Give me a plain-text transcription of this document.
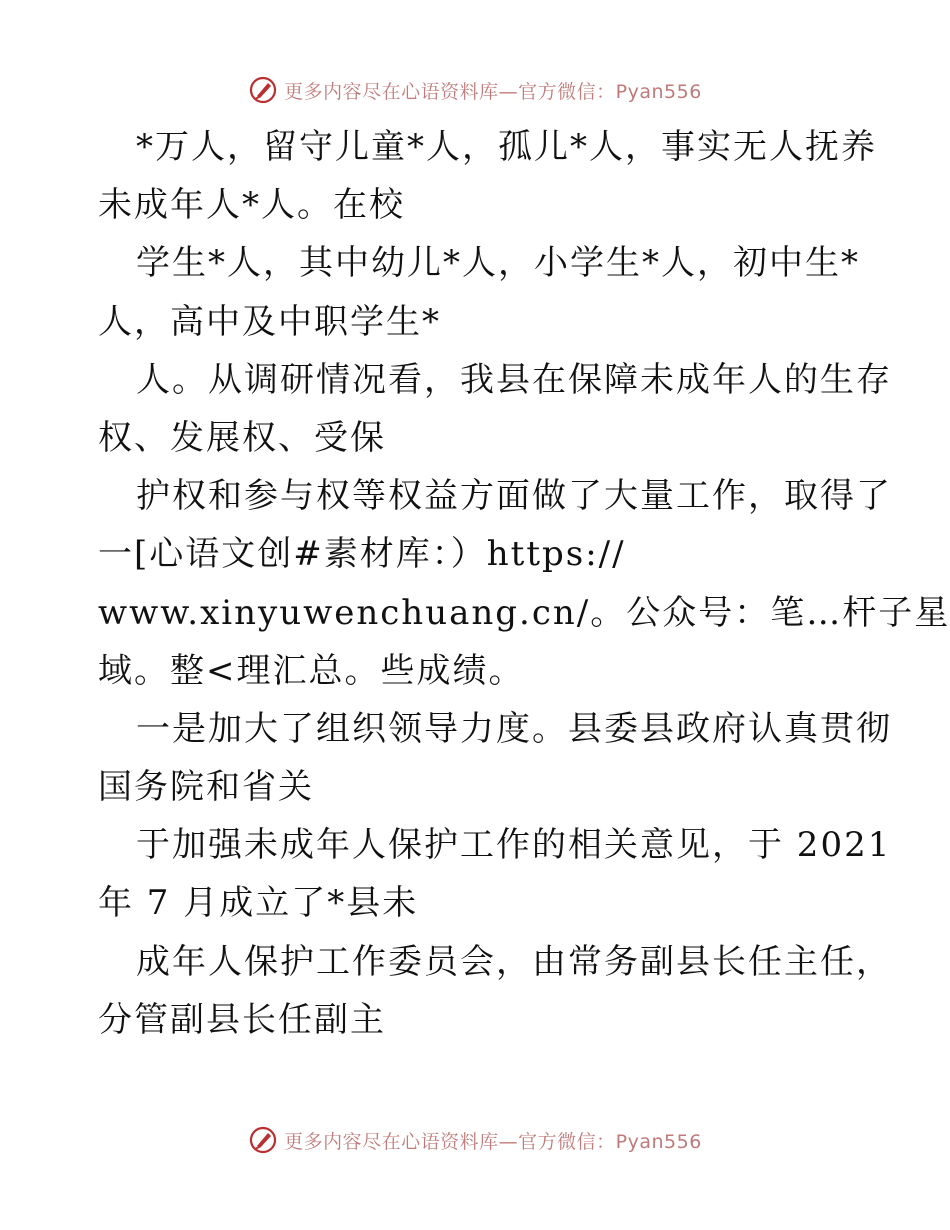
更多内容尽在心语资料库—官方微信：Pyan556
*万人，留守儿童*人，孤儿*人，事实无人抚养
未成年人*人。在校
学生*人，其中幼儿*人，小学生*人，初中生*
人，高中及中职学生*
人。从调研情况看，我县在保障未成年人的生存
权、发展权、受保
护权和参与权等权益方面做了大量工作，取得了
一[心语文创#素材库：）https://
www.xinyuwenchuang.cn/。公众号：笔…杆子星
域。整<理汇总。些成绩。
一是加大了组织领导力度。县委县政府认真贯彻
国务院和省关
于加强未成年人保护工作的相关意见，于 2021
年 7 月成立了*县未
成年人保护工作委员会，由常务副县长任主任，
分管副县长任副主
更多内容尽在心语资料库—官方微信：Pyan556
